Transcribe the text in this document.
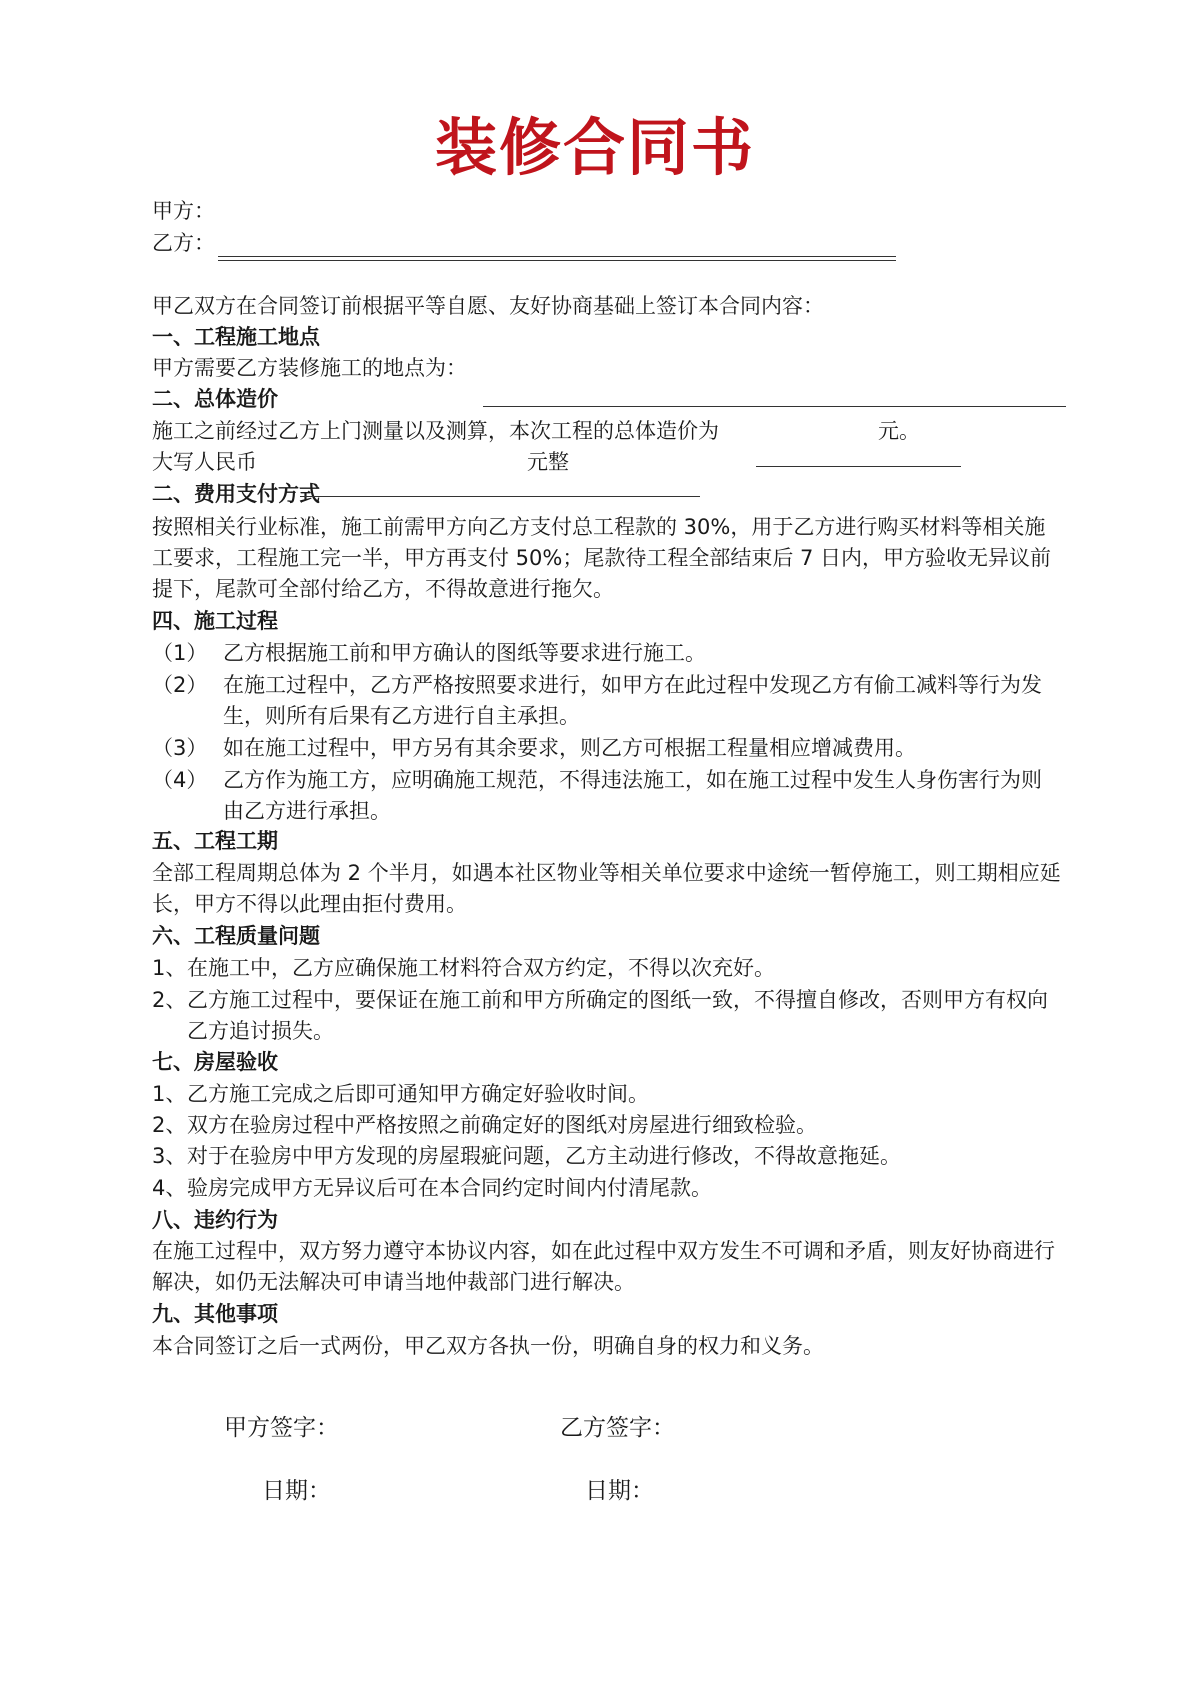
装修合同书
甲方：
乙方：
甲乙双方在合同签订前根据平等自愿、友好协商基础上签订本合同内容：
一、工程施工地点
甲方需要乙方装修施工的地点为：
二、总体造价
施工之前经过乙方上门测量以及测算，本次工程的总体造价为	元。
大写人民币	元整
二、费用支付方式
按照相关行业标准，施工前需甲方向乙方支付总工程款的 30%，用于乙方进行购买材料等相关施工要求，工程施工完一半，甲方再支付 50%；尾款待工程全部结束后 7 日内，甲方验收无异议前提下，尾款可全部付给乙方，不得故意进行拖欠。
四、施工过程
（1） 乙方根据施工前和甲方确认的图纸等要求进行施工。
（2） 在施工过程中，乙方严格按照要求进行，如甲方在此过程中发现乙方有偷工减料等行为发生，则所有后果有乙方进行自主承担。
（3） 如在施工过程中，甲方另有其余要求，则乙方可根据工程量相应增减费用。
（4） 乙方作为施工方，应明确施工规范，不得违法施工，如在施工过程中发生人身伤害行为则由乙方进行承担。
五、工程工期
全部工程周期总体为 2 个半月，如遇本社区物业等相关单位要求中途统一暂停施工，则工期相应延长，甲方不得以此理由拒付费用。
六、工程质量问题
1、 在施工中，乙方应确保施工材料符合双方约定，不得以次充好。
2、 乙方施工过程中，要保证在施工前和甲方所确定的图纸一致，不得擅自修改，否则甲方有权向乙方追讨损失。
七、房屋验收
1、 乙方施工完成之后即可通知甲方确定好验收时间。
2、 双方在验房过程中严格按照之前确定好的图纸对房屋进行细致检验。
3、 对于在验房中甲方发现的房屋瑕疵问题，乙方主动进行修改，不得故意拖延。
4、 验房完成甲方无异议后可在本合同约定时间内付清尾款。
八、违约行为
在施工过程中，双方努力遵守本协议内容，如在此过程中双方发生不可调和矛盾，则友好协商进行解决，如仍无法解决可申请当地仲裁部门进行解决。
九、其他事项
本合同签订之后一式两份，甲乙双方各执一份，明确自身的权力和义务。
甲方签字：	乙方签字：
日期：	日期：
